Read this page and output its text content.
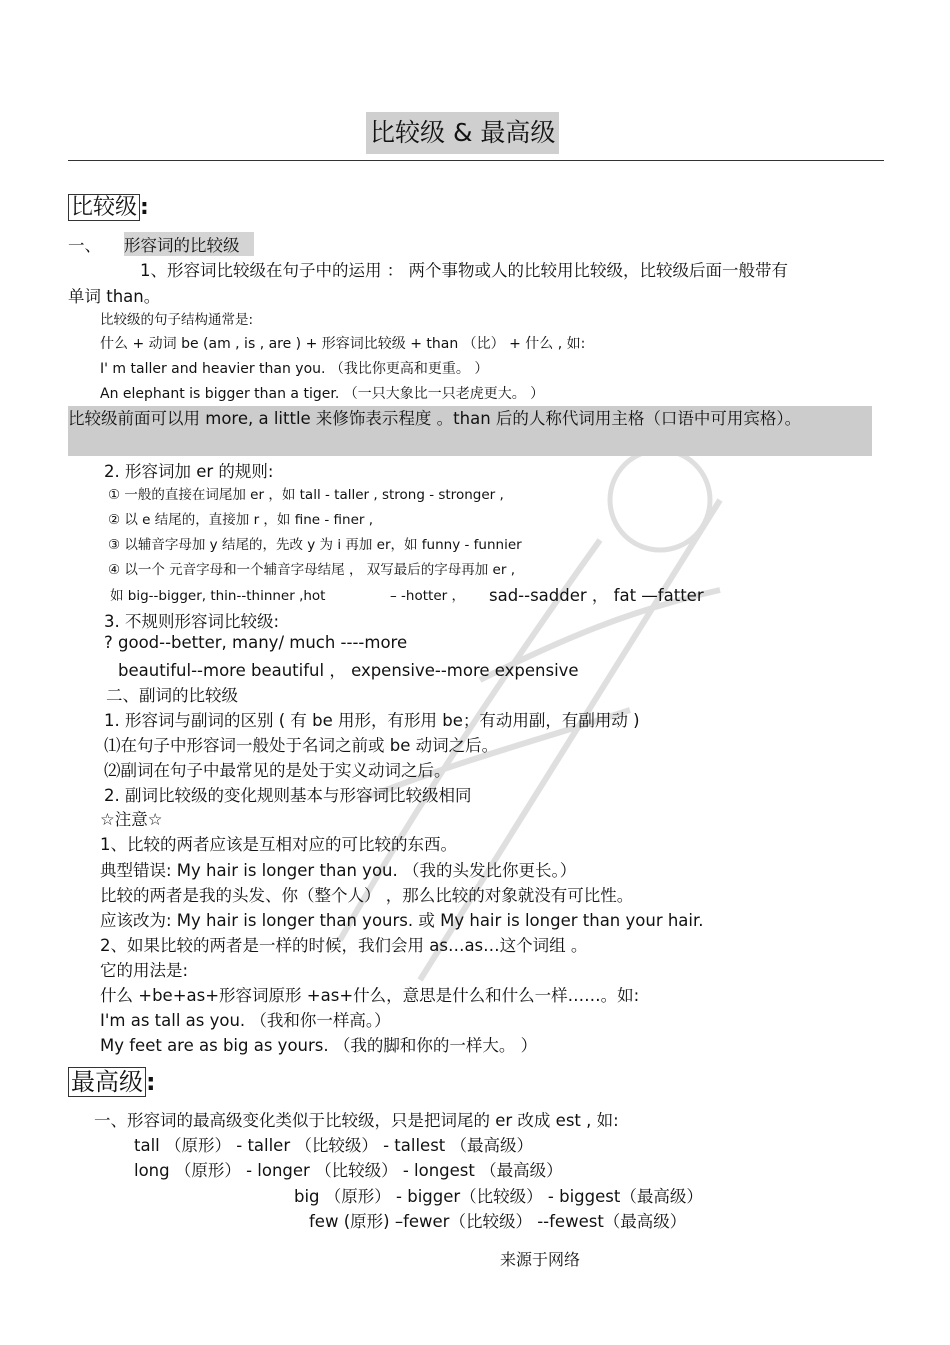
比较级 & 最高级
比较级 :
一、 形容词的比较级
1、形容词比较级在句子中的运用 ： 两个事物或人的比较用比较级，比较级后面一般带有
单词 than。
比较级的句子结构通常是:
什么 + 动词 be (am , is , are ) + 形容词比较级 + than （比） + 什么 , 如:
I' m taller and heavier than you. （我比你更高和更重。 ）
An elephant is bigger than a tiger. （一只大象比一只老虎更大。 ）
比较级前面可以用 more, a little 来修饰表示程度 。than 后的人称代词用主格（口语中可用宾格）。
2. 形容词加 er 的规则:
① 一般的直接在词尾加 er ，如 tall - taller , strong - stronger ,
② 以 e 结尾的，直接加 r ，如 fine - finer ,
③ 以辅音字母加 y 结尾的，先改 y 为 i 再加 er，如 funny - funnier
④ 以一个 元音字母和一个辅音字母结尾 ， 双写最后的字母再加 er ,
如 big--bigger, thin--thinner ,hot	– -hotter ， sad--sadder ， fat —fatter
3. 不规则形容词比较级:
? good--better, many/ much ----more
beautiful--more beautiful ， expensive--more expensive
二、副词的比较级
1. 形容词与副词的区别 ( 有 be 用形，有形用 be；有动用副，有副用动 )
⑴在句子中形容词一般处于名词之前或 be 动词之后。
⑵副词在句子中最常见的是处于实义动词之后。
2. 副词比较级的变化规则基本与形容词比较级相同
☆注意☆
1、比较的两者应该是互相对应的可比较的东西。
典型错误: My hair is longer than you. （我的头发比你更长。）
比较的两者是我的头发、你（整个人） ，那么比较的对象就没有可比性。
应该改为: My hair is longer than yours. 或 My hair is longer than your hair.
2、如果比较的两者是一样的时候，我们会用 as…as…这个词组 。
它的用法是:
什么 +be+as+形容词原形 +as+什么，意思是什么和什么一样……。如:
I'm as tall as you. （我和你一样高。）
My feet are as big as yours. （我的脚和你的一样大。 ）
最高级 :
一、形容词的最高级变化类似于比较级，只是把词尾的 er 改成 est , 如:
tall （原形） - taller （比较级） - tallest （最高级）
long （原形） - longer （比较级） - longest （最高级）
big （原形） - bigger（比较级） - biggest（最高级）
few (原形) –fewer（比较级） --fewest（最高级）
来源于网络
